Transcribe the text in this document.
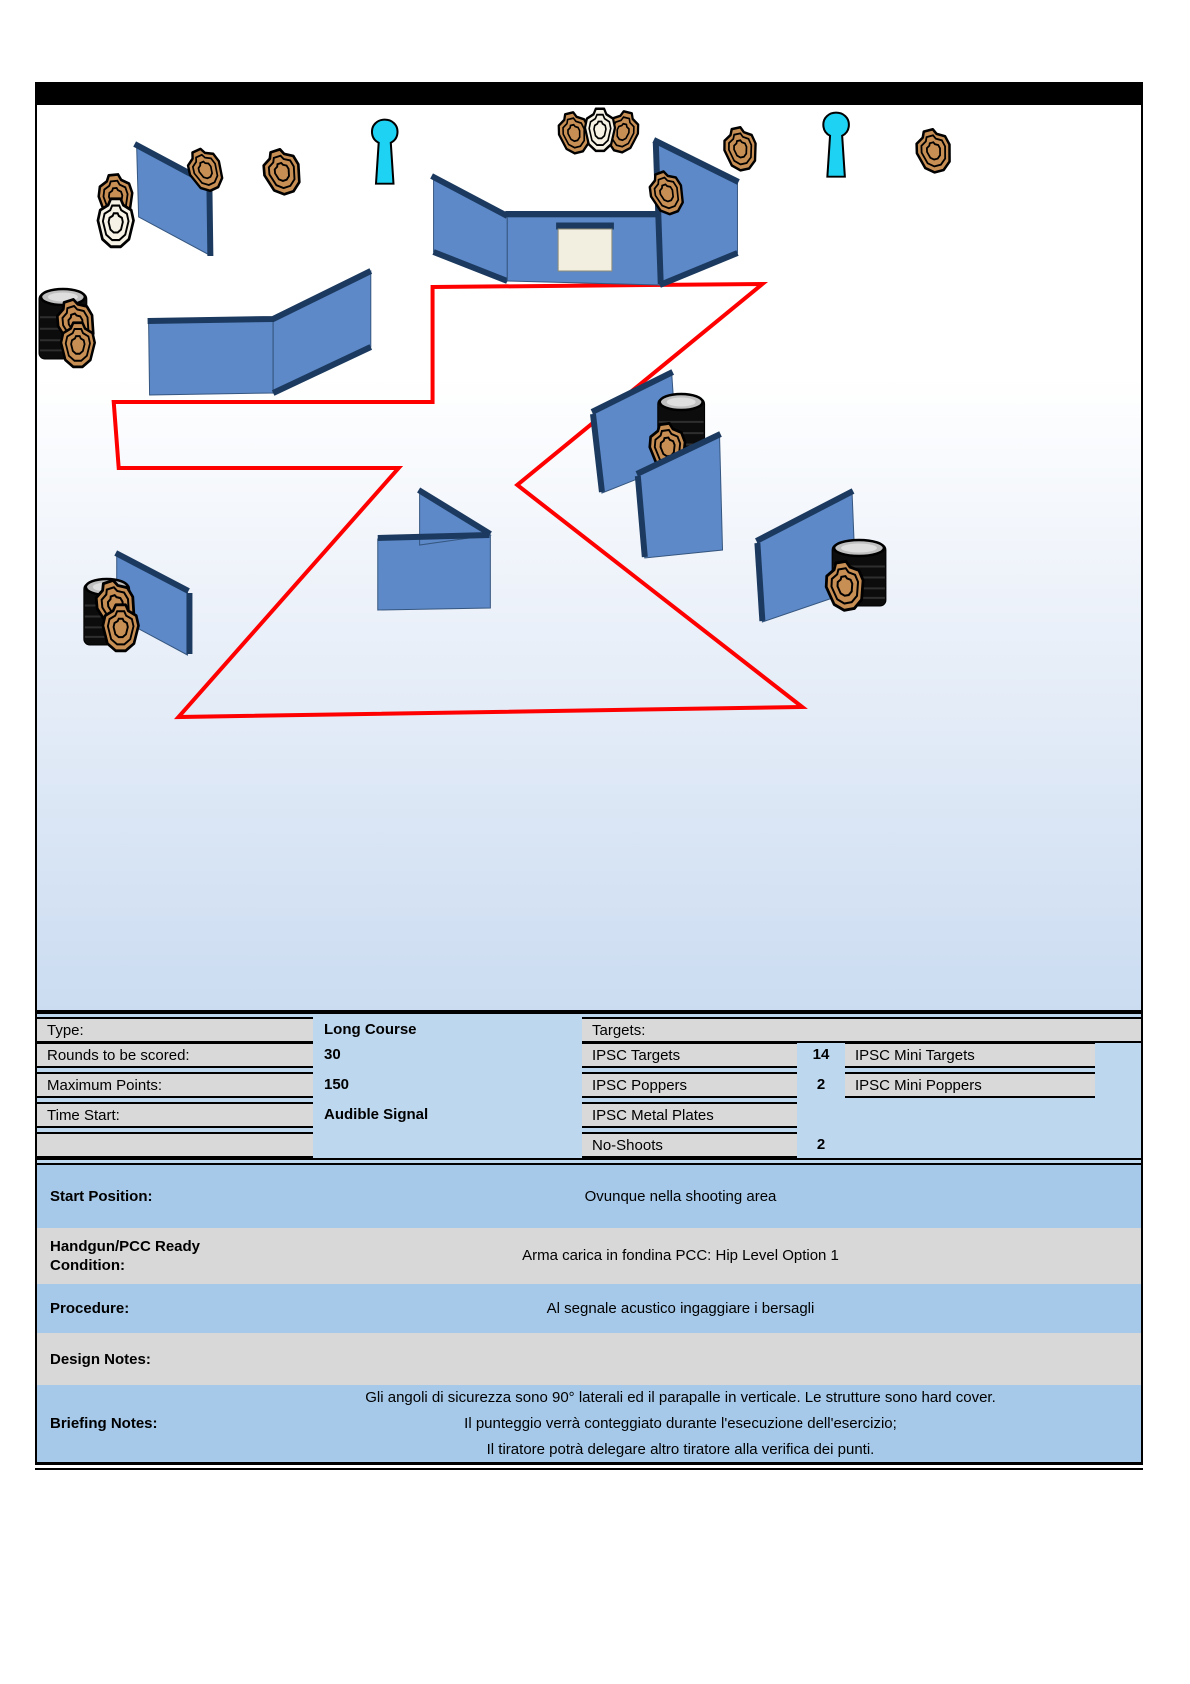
Type:	Long Course
Rounds to be scored:	30
Maximum Points:	150
Time Start:	Audible Signal
Targets:
IPSC Targets	14	IPSC Mini Targets
IPSC Poppers	2	IPSC Mini Poppers
IPSC Metal Plates
No-Shoots	2
Start Position:	Ovunque nella shooting area
Handgun/PCC Ready Condition:
Arma carica in fondina PCC: Hip Level Option 1
Procedure:	Al segnale acustico ingaggiare i bersagli
Design Notes:
Briefing Notes:
Gli angoli di sicurezza sono 90° laterali ed il parapalle in verticale. Le strutture sono hard cover.
Il punteggio verrà conteggiato durante l'esecuzione dell'esercizio;
Il tiratore potrà delegare altro tiratore alla verifica dei punti.
